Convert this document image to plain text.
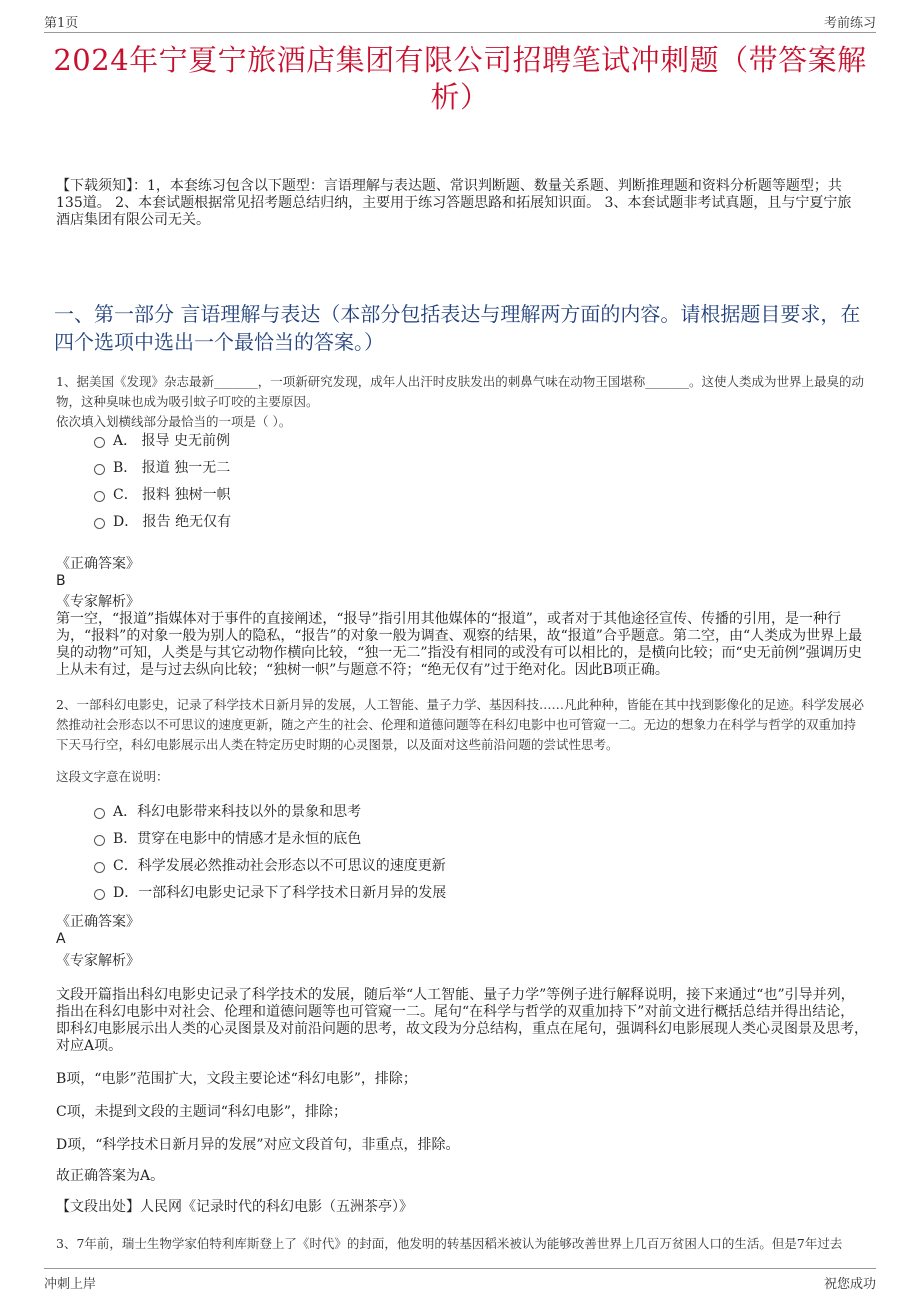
第1页	考前练习
2024年宁夏宁旅酒店集团有限公司招聘笔试冲刺题（带答案解析）
【下载须知】：1，本套练习包含以下题型：言语理解与表达题、常识判断题、数量关系题、判断推理题和资料分析题等题型；共135道。 2、本套试题根据常见招考题总结归纳，主要用于练习答题思路和拓展知识面。 3、本套试题非考试真题，且与宁夏宁旅酒店集团有限公司无关。
一、第一部分 言语理解与表达（本部分包括表达与理解两方面的内容。请根据题目要求，在四个选项中选出一个最恰当的答案。）
1、据美国《发现》杂志最新_______，一项新研究发现，成年人出汗时皮肤发出的刺鼻气味在动物王国堪称_______。这使人类成为世界上最臭的动物，这种臭味也成为吸引蚊子叮咬的主要原因。
依次填入划横线部分最恰当的一项是（ ）。
A． 报导 史无前例
B． 报道 独一无二
C． 报料 独树一帜
D． 报告 绝无仅有
《正确答案》
B
《专家解析》
第一空，“报道”指媒体对于事件的直接阐述，“报导”指引用其他媒体的“报道”，或者对于其他途径宣传、传播的引用，是一种行为，“报料”的对象一般为别人的隐私，“报告”的对象一般为调查、观察的结果，故“报道”合乎题意。第二空，由“人类成为世界上最臭的动物”可知，人类是与其它动物作横向比较，“独一无二”指没有相同的或没有可以相比的，是横向比较；而“史无前例”强调历史上从未有过，是与过去纵向比较；“独树一帜”与题意不符；“绝无仅有”过于绝对化。因此B项正确。
2、一部科幻电影史，记录了科学技术日新月异的发展，人工智能、量子力学、基因科技……凡此种种，皆能在其中找到影像化的足迹。科学发展必然推动社会形态以不可思议的速度更新，随之产生的社会、伦理和道德问题等在科幻电影中也可管窥一二。无边的想象力在科学与哲学的双重加持下天马行空，科幻电影展示出人类在特定历史时期的心灵图景，以及面对这些前沿问题的尝试性思考。
这段文字意在说明：
A．科幻电影带来科技以外的景象和思考
B．贯穿在电影中的情感才是永恒的底色
C．科学发展必然推动社会形态以不可思议的速度更新
D．一部科幻电影史记录下了科学技术日新月异的发展
《正确答案》
A
《专家解析》
文段开篇指出科幻电影史记录了科学技术的发展，随后举“人工智能、量子力学”等例子进行解释说明，接下来通过“也”引导并列，指出在科幻电影中对社会、伦理和道德问题等也可管窥一二。尾句“在科学与哲学的双重加持下”对前文进行概括总结并得出结论，即科幻电影展示出人类的心灵图景及对前沿问题的思考，故文段为分总结构，重点在尾句，强调科幻电影展现人类心灵图景及思考，对应A项。
B项，“电影”范围扩大，文段主要论述“科幻电影”，排除；
C项，未提到文段的主题词“科幻电影”，排除；
D项，“科学技术日新月异的发展”对应文段首句，非重点，排除。
故正确答案为A。
【文段出处】人民网《记录时代的科幻电影（五洲茶亭）》
3、7年前，瑞士生物学家伯特利库斯登上了《时代》的封面，他发明的转基因稻米被认为能够改善世界上几百万贫困人口的生活。但是7年过去
冲刺上岸	祝您成功
